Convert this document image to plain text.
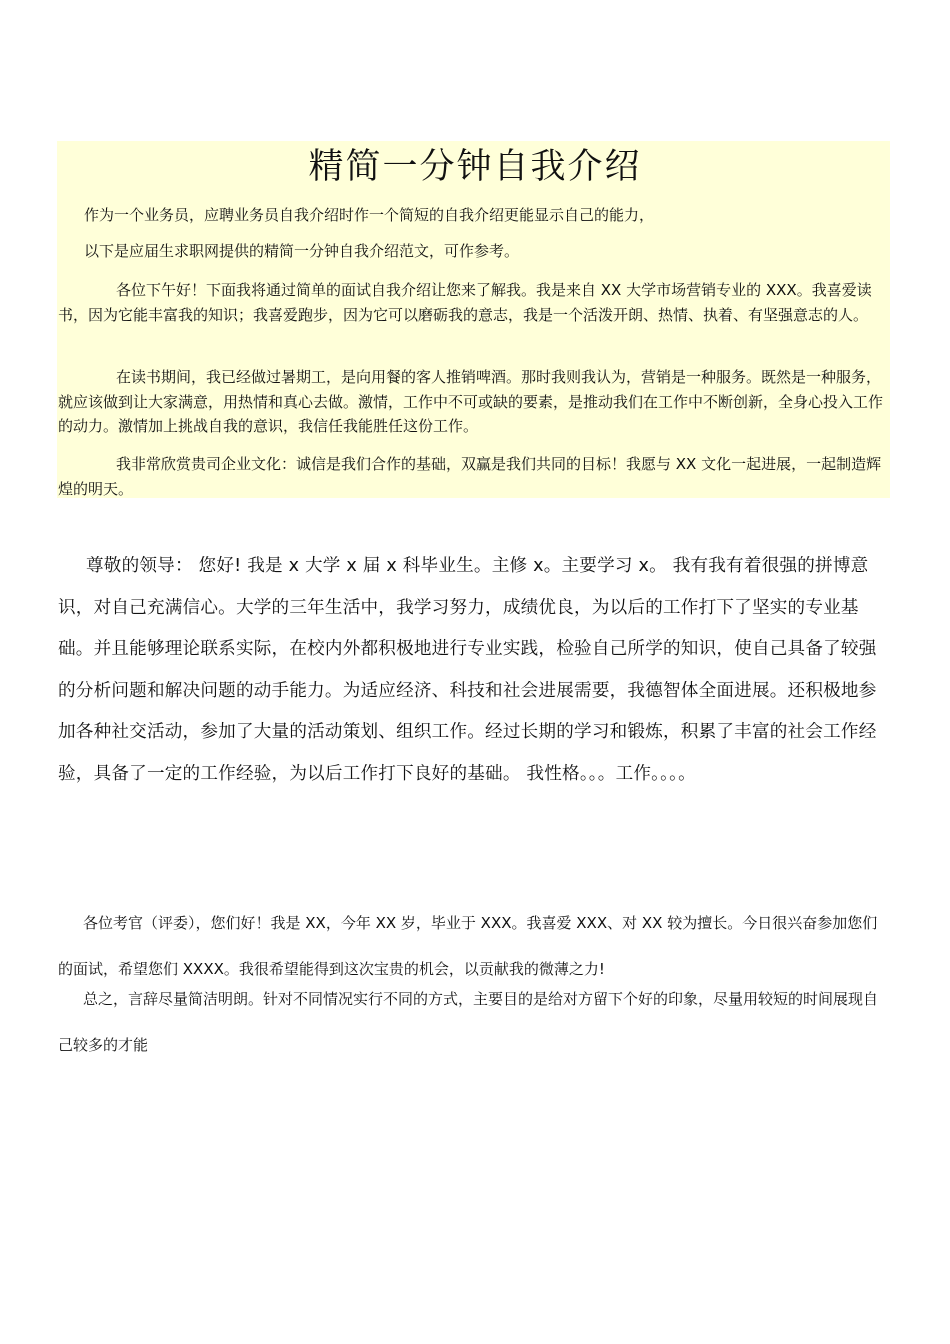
精简一分钟自我介绍
作为一个业务员，应聘业务员自我介绍时作一个简短的自我介绍更能显示自己的能力，
以下是应届生求职网提供的精简一分钟自我介绍范文，可作参考。
各位下午好！下面我将通过简单的面试自我介绍让您来了解我。我是来自 XX 大学市场营销专业的 XXX。我喜爱读书，因为它能丰富我的知识；我喜爱跑步，因为它可以磨砺我的意志，我是一个活泼开朗、热情、执着、有坚强意志的人。
在读书期间，我已经做过暑期工，是向用餐的客人推销啤酒。那时我则我认为，营销是一种服务。既然是一种服务，就应该做到让大家满意，用热情和真心去做。激情，工作中不可或缺的要素，是推动我们在工作中不断创新，全身心投入工作的动力。激情加上挑战自我的意识，我信任我能胜任这份工作。
我非常欣赏贵司企业文化：诚信是我们合作的基础，双赢是我们共同的目标！我愿与 XX 文化一起进展，一起制造辉煌的明天。
尊敬的领导： 您好! 我是 x 大学 x 届 x 科毕业生。主修 x。主要学习 x。 我有我有着很强的拼博意识，对自己充满信心。大学的三年生活中，我学习努力，成绩优良，为以后的工作打下了坚实的专业基础。并且能够理论联系实际，在校内外都积极地进行专业实践，检验自己所学的知识，使自己具备了较强的分析问题和解决问题的动手能力。为适应经济、科技和社会进展需要，我德智体全面进展。还积极地参加各种社交活动，参加了大量的活动策划、组织工作。经过长期的学习和锻炼，积累了丰富的社会工作经验，具备了一定的工作经验，为以后工作打下良好的基础。 我性格。。。工作。。。。
各位考官（评委），您们好！我是 XX，今年 XX 岁，毕业于 XXX。我喜爱 XXX、对 XX 较为擅长。今日很兴奋参加您们的面试，希望您们 XXXX。我很希望能得到这次宝贵的机会，以贡献我的微薄之力!
总之，言辞尽量简洁明朗。针对不同情况实行不同的方式，主要目的是给对方留下个好的印象，尽量用较短的时间展现自己较多的才能
